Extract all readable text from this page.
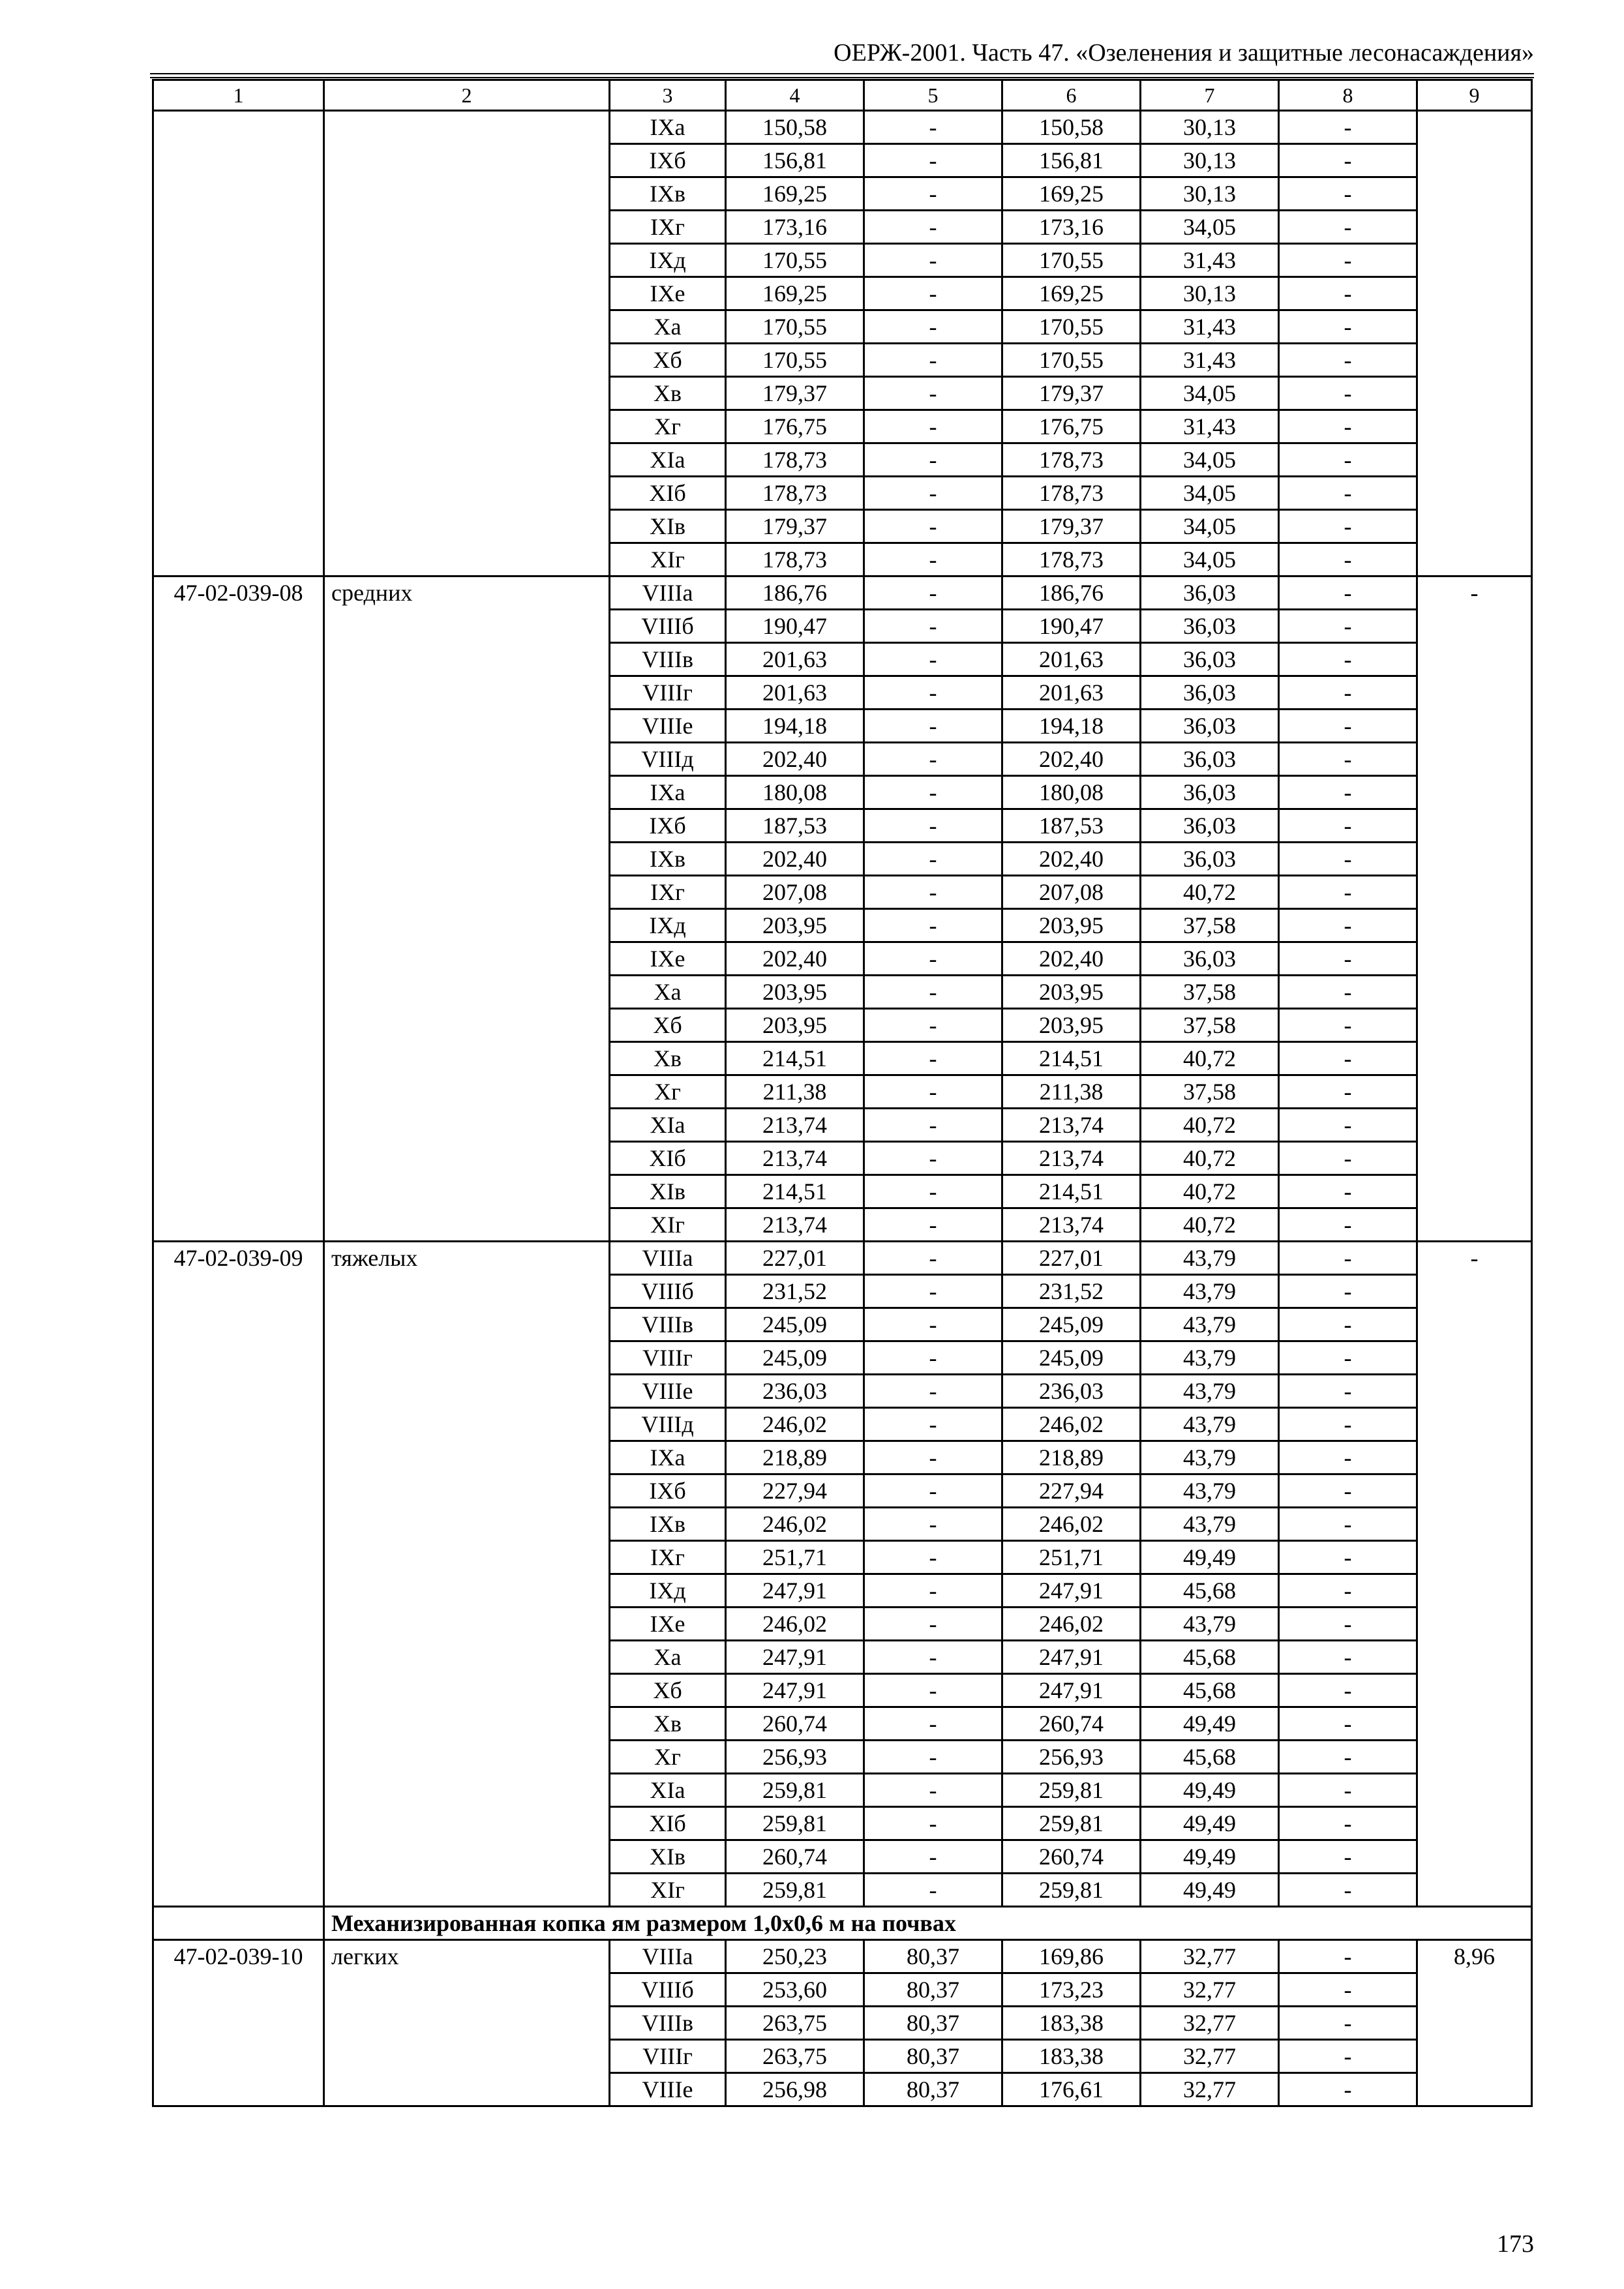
ОЕРЖ-2001. Часть 47. «Озеленения и защитные лесонасаждения»
1	2	3	4	5	6	7	8	9
		IXа	150,58	-	150,58	30,13	-	
		IXб	156,81	-	156,81	30,13	-	
		IXв	169,25	-	169,25	30,13	-	
		IXг	173,16	-	173,16	34,05	-	
		IXд	170,55	-	170,55	31,43	-	
		IXе	169,25	-	169,25	30,13	-	
		Xа	170,55	-	170,55	31,43	-	
		Xб	170,55	-	170,55	31,43	-	
		Xв	179,37	-	179,37	34,05	-	
		Xг	176,75	-	176,75	31,43	-	
		XIа	178,73	-	178,73	34,05	-	
		XIб	178,73	-	178,73	34,05	-	
		XIв	179,37	-	179,37	34,05	-	
		XIг	178,73	-	178,73	34,05	-	
47-02-039-08	средних	VIIIа	186,76	-	186,76	36,03	-	-
		VIIIб	190,47	-	190,47	36,03	-	
		VIIIв	201,63	-	201,63	36,03	-	
		VIIIг	201,63	-	201,63	36,03	-	
		VIIIе	194,18	-	194,18	36,03	-	
		VIIIд	202,40	-	202,40	36,03	-	
		IXа	180,08	-	180,08	36,03	-	
		IXб	187,53	-	187,53	36,03	-	
		IXв	202,40	-	202,40	36,03	-	
		IXг	207,08	-	207,08	40,72	-	
		IXд	203,95	-	203,95	37,58	-	
		IXе	202,40	-	202,40	36,03	-	
		Xа	203,95	-	203,95	37,58	-	
		Xб	203,95	-	203,95	37,58	-	
		Xв	214,51	-	214,51	40,72	-	
		Xг	211,38	-	211,38	37,58	-	
		XIа	213,74	-	213,74	40,72	-	
		XIб	213,74	-	213,74	40,72	-	
		XIв	214,51	-	214,51	40,72	-	
		XIг	213,74	-	213,74	40,72	-	
47-02-039-09	тяжелых	VIIIа	227,01	-	227,01	43,79	-	-
		VIIIб	231,52	-	231,52	43,79	-	
		VIIIв	245,09	-	245,09	43,79	-	
		VIIIг	245,09	-	245,09	43,79	-	
		VIIIе	236,03	-	236,03	43,79	-	
		VIIIд	246,02	-	246,02	43,79	-	
		IXа	218,89	-	218,89	43,79	-	
		IXб	227,94	-	227,94	43,79	-	
		IXв	246,02	-	246,02	43,79	-	
		IXг	251,71	-	251,71	49,49	-	
		IXд	247,91	-	247,91	45,68	-	
		IXе	246,02	-	246,02	43,79	-	
		Xа	247,91	-	247,91	45,68	-	
		Xб	247,91	-	247,91	45,68	-	
		Xв	260,74	-	260,74	49,49	-	
		Xг	256,93	-	256,93	45,68	-	
		XIа	259,81	-	259,81	49,49	-	
		XIб	259,81	-	259,81	49,49	-	
		XIв	260,74	-	260,74	49,49	-	
		XIг	259,81	-	259,81	49,49	-	
	Механизированная копка ям размером 1,0х0,6 м на почвах							
47-02-039-10	легких	VIIIа	250,23	80,37	169,86	32,77	-	8,96
		VIIIб	253,60	80,37	173,23	32,77	-	
		VIIIв	263,75	80,37	183,38	32,77	-	
		VIIIг	263,75	80,37	183,38	32,77	-	
		VIIIе	256,98	80,37	176,61	32,77	-	
173
